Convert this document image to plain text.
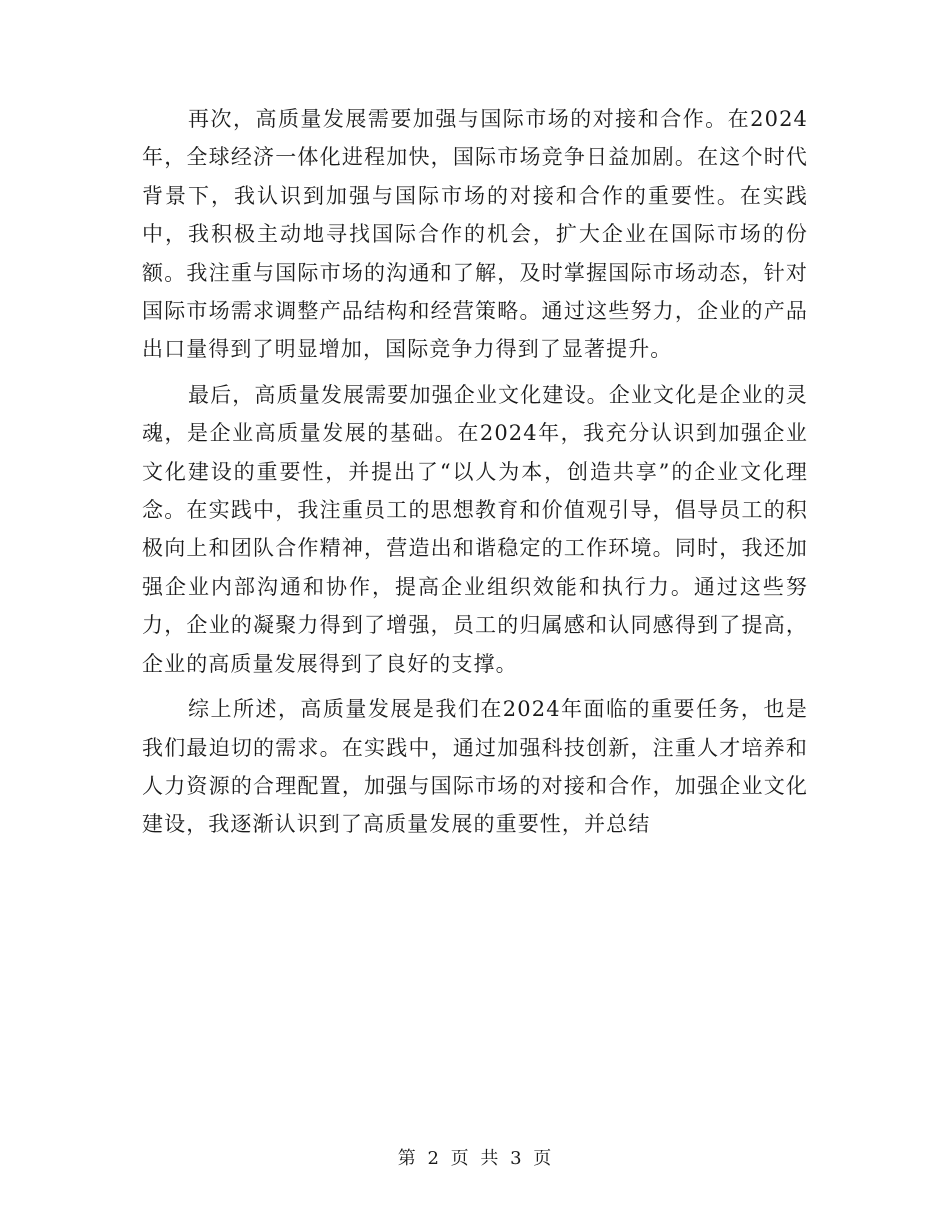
再次，高质量发展需要加强与国际市场的对接和合作。在2024年，全球经济一体化进程加快，国际市场竞争日益加剧。在这个时代背景下，我认识到加强与国际市场的对接和合作的重要性。在实践中，我积极主动地寻找国际合作的机会，扩大企业在国际市场的份额。我注重与国际市场的沟通和了解，及时掌握国际市场动态，针对国际市场需求调整产品结构和经营策略。通过这些努力，企业的产品出口量得到了明显增加，国际竞争力得到了显著提升。

最后，高质量发展需要加强企业文化建设。企业文化是企业的灵魂，是企业高质量发展的基础。在2024年，我充分认识到加强企业文化建设的重要性，并提出了“以人为本，创造共享”的企业文化理念。在实践中，我注重员工的思想教育和价值观引导，倡导员工的积极向上和团队合作精神，营造出和谐稳定的工作环境。同时，我还加强企业内部沟通和协作，提高企业组织效能和执行力。通过这些努力，企业的凝聚力得到了增强，员工的归属感和认同感得到了提高，企业的高质量发展得到了良好的支撑。

综上所述，高质量发展是我们在2024年面临的重要任务，也是我们最迫切的需求。在实践中，通过加强科技创新，注重人才培养和人力资源的合理配置，加强与国际市场的对接和合作，加强企业文化建设，我逐渐认识到了高质量发展的重要性，并总结

第 2 页 共 3 页
